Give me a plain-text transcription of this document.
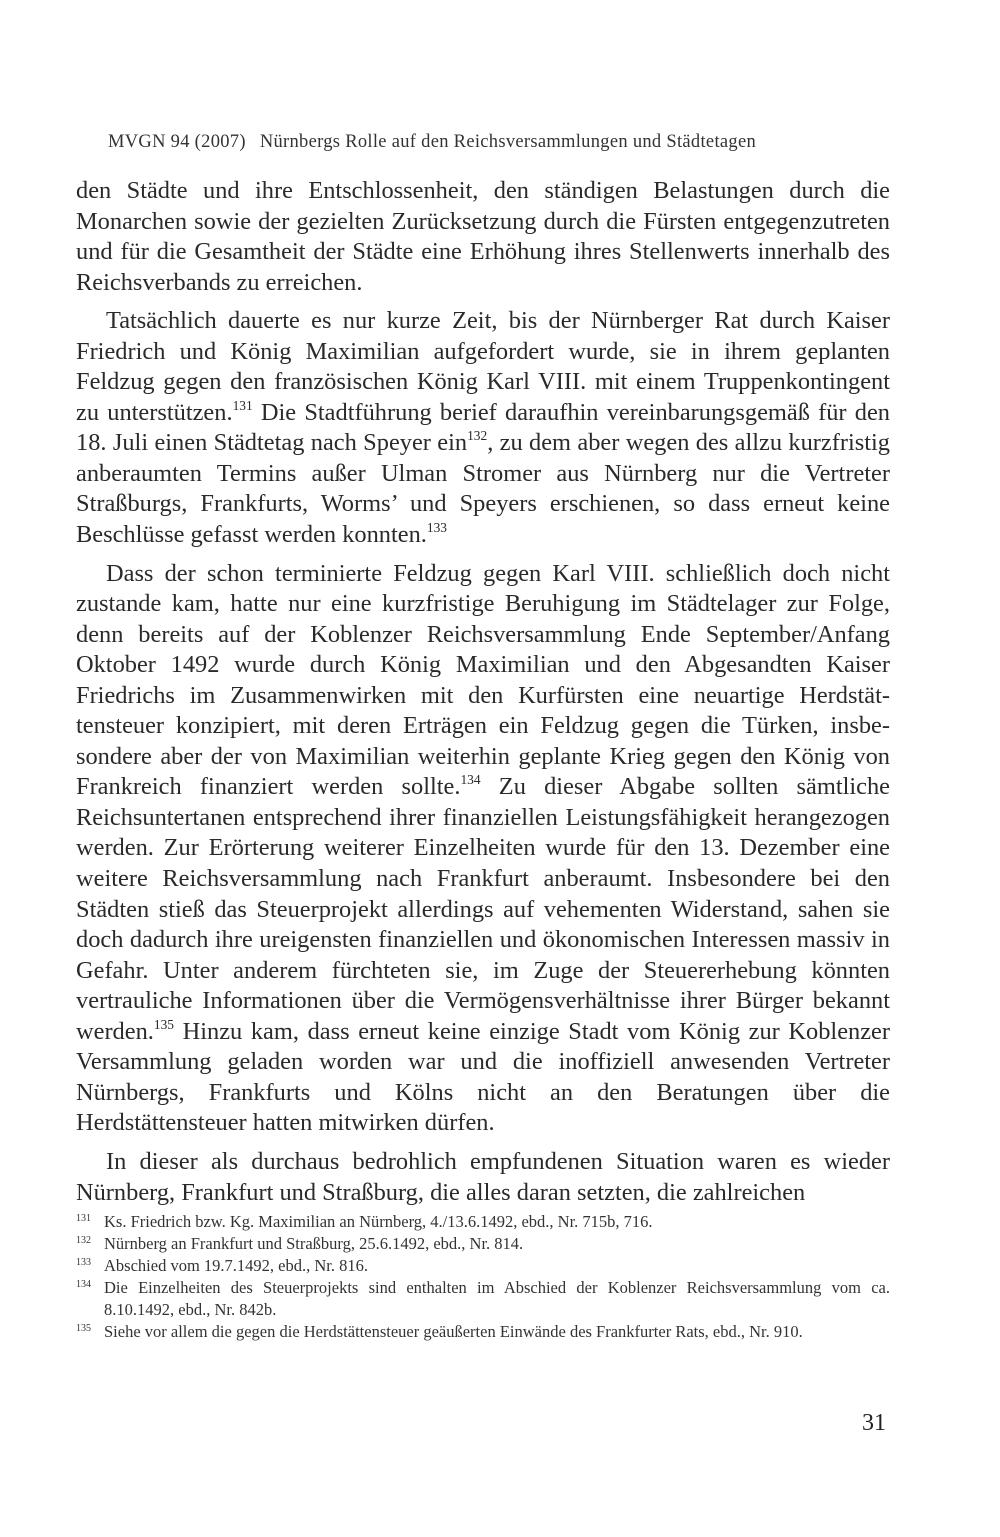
MVGN 94 (2007) Nürnbergs Rolle auf den Reichsversammlungen und Städtetagen

den Städte und ihre Entschlossenheit, den ständigen Belastungen durch die Monarchen sowie der gezielten Zurücksetzung durch die Fürsten entgegenzutreten und für die Gesamtheit der Städte eine Erhöhung ihres Stellenwerts innerhalb des Reichsverbands zu erreichen.

Tatsächlich dauerte es nur kurze Zeit, bis der Nürnberger Rat durch Kaiser Friedrich und König Maximilian aufgefordert wurde, sie in ihrem geplanten Feldzug gegen den französischen König Karl VIII. mit einem Truppenkontingent zu unterstützen.$^{131}$ Die Stadtführung berief daraufhin vereinbarungsgemäß für den 18. Juli einen Städtetag nach Speyer ein$^{132}$, zu dem aber wegen des allzu kurzfristig anberaumten Termins außer Ulman Stromer aus Nürnberg nur die Vertreter Straßburgs, Frankfurts, Worms’ und Speyers erschienen, so dass erneut keine Beschlüsse gefasst werden konnten.$^{133}$

Dass der schon terminierte Feldzug gegen Karl VIII. schließlich doch nicht zustande kam, hatte nur eine kurzfristige Beruhigung im Städtelager zur Folge, denn bereits auf der Koblenzer Reichsversammlung Ende September/Anfang Oktober 1492 wurde durch König Maximilian und den Abgesandten Kaiser Friedrichs im Zusammenwirken mit den Kurfürsten eine neuartige Herdstättensteuer konzipiert, mit deren Erträgen ein Feldzug gegen die Türken, insbesondere aber der von Maximilian weiterhin geplante Krieg gegen den König von Frankreich finanziert werden sollte.$^{134}$ Zu dieser Abgabe sollten sämtliche Reichsuntertanen entsprechend ihrer finanziellen Leistungsfähigkeit herangezogen werden. Zur Erörterung weiterer Einzelheiten wurde für den 13. Dezember eine weitere Reichsversammlung nach Frankfurt anberaumt. Insbesondere bei den Städten stieß das Steuerprojekt allerdings auf vehementen Widerstand, sahen sie doch dadurch ihre ureigensten finanziellen und ökonomischen Interessen massiv in Gefahr. Unter anderem fürchteten sie, im Zuge der Steuererhebung könnten vertrauliche Informationen über die Vermögensverhältnisse ihrer Bürger bekannt werden.$^{135}$ Hinzu kam, dass erneut keine einzige Stadt vom König zur Koblenzer Versammlung geladen worden war und die inoffiziell anwesenden Vertreter Nürnbergs, Frankfurts und Kölns nicht an den Beratungen über die Herdstättensteuer hatten mitwirken dürfen.

In dieser als durchaus bedrohlich empfundenen Situation waren es wieder Nürnberg, Frankfurt und Straßburg, die alles daran setzten, die zahlreichen

131 Ks. Friedrich bzw. Kg. Maximilian an Nürnberg, 4./13.6.1492, ebd., Nr. 715b, 716.
132 Nürnberg an Frankfurt und Straßburg, 25.6.1492, ebd., Nr. 814.
133 Abschied vom 19.7.1492, ebd., Nr. 816.
134 Die Einzelheiten des Steuerprojekts sind enthalten im Abschied der Koblenzer Reichsversammlung vom ca. 8.10.1492, ebd., Nr. 842b.
135 Siehe vor allem die gegen die Herdstättensteuer geäußerten Einwände des Frankfurter Rats, ebd., Nr. 910.
31
